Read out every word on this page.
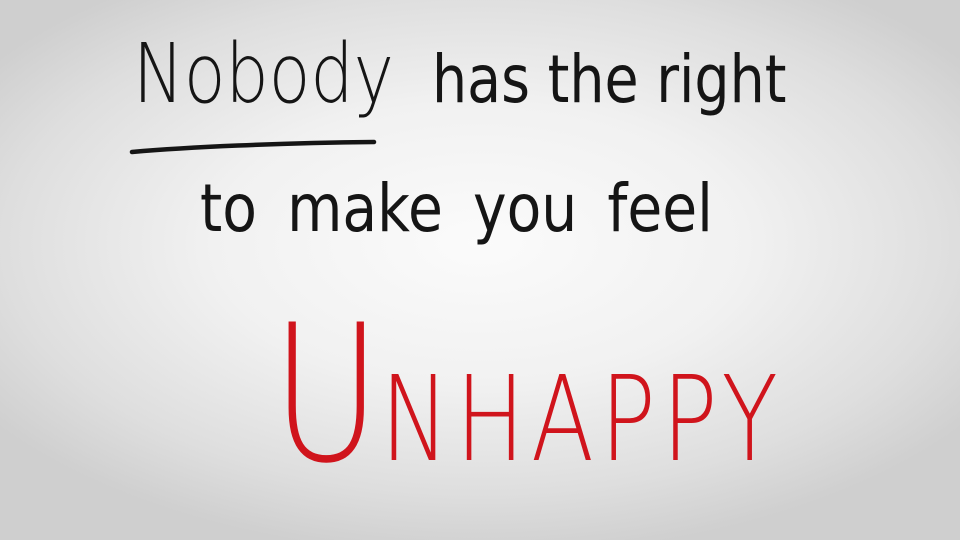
Nobody has the right
to make you feel
UNHAPPY
